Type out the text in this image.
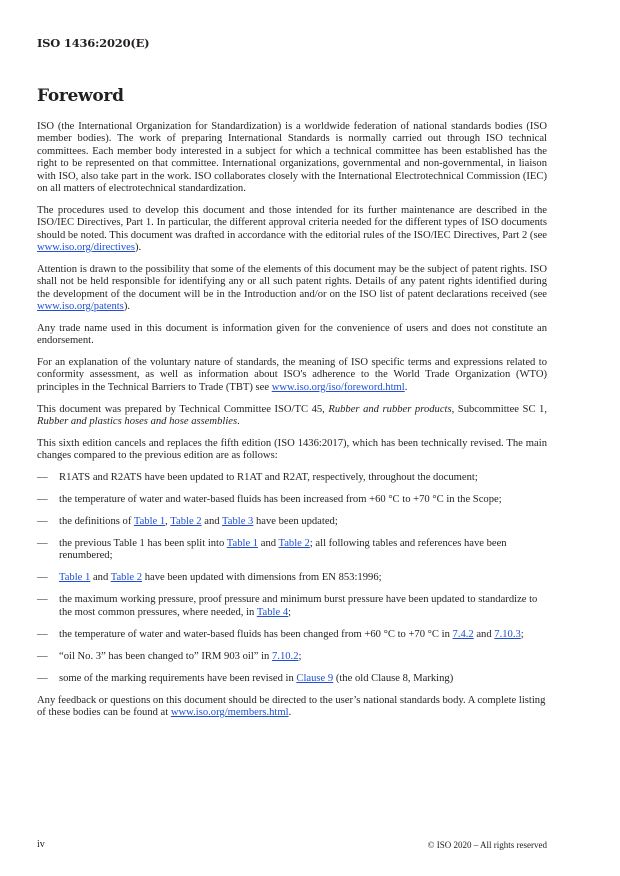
ISO 1436:2020(E)
Foreword

ISO (the International Organization for Standardization) is a worldwide federation of national standards bodies (ISO member bodies). The work of preparing International Standards is normally carried out through ISO technical committees. Each member body interested in a subject for which a technical committee has been established has the right to be represented on that committee. International organizations, governmental and non-governmental, in liaison with ISO, also take part in the work. ISO collaborates closely with the International Electrotechnical Commission (IEC) on all matters of electrotechnical standardization.

The procedures used to develop this document and those intended for its further maintenance are described in the ISO/IEC Directives, Part 1. In particular, the different approval criteria needed for the different types of ISO documents should be noted. This document was drafted in accordance with the editorial rules of the ISO/IEC Directives, Part 2 (see www.iso.org/directives).

Attention is drawn to the possibility that some of the elements of this document may be the subject of patent rights. ISO shall not be held responsible for identifying any or all such patent rights. Details of any patent rights identified during the development of the document will be in the Introduction and/or on the ISO list of patent declarations received (see www.iso.org/patents).

Any trade name used in this document is information given for the convenience of users and does not constitute an endorsement.

For an explanation of the voluntary nature of standards, the meaning of ISO specific terms and expressions related to conformity assessment, as well as information about ISO's adherence to the World Trade Organization (WTO) principles in the Technical Barriers to Trade (TBT) see www.iso.org/iso/foreword.html.

This document was prepared by Technical Committee ISO/TC 45, Rubber and rubber products, Subcommittee SC 1, Rubber and plastics hoses and hose assemblies.

This sixth edition cancels and replaces the fifth edition (ISO 1436:2017), which has been technically revised. The main changes compared to the previous edition are as follows:

— R1ATS and R2ATS have been updated to R1AT and R2AT, respectively, throughout the document;
— the temperature of water and water-based fluids has been increased from +60 °C to +70 °C in the Scope;
— the definitions of Table 1, Table 2 and Table 3 have been updated;
— the previous Table 1 has been split into Table 1 and Table 2; all following tables and references have been renumbered;
— Table 1 and Table 2 have been updated with dimensions from EN 853:1996;
— the maximum working pressure, proof pressure and minimum burst pressure have been updated to standardize to the most common pressures, where needed, in Table 4;
— the temperature of water and water-based fluids has been changed from +60 °C to +70 °C in 7.4.2 and 7.10.3;
— “oil No. 3” has been changed to” IRM 903 oil” in 7.10.2;
— some of the marking requirements have been revised in Clause 9 (the old Clause 8, Marking)

Any feedback or questions on this document should be directed to the user’s national standards body. A complete listing of these bodies can be found at www.iso.org/members.html.

iv	© ISO 2020 – All rights reserved
